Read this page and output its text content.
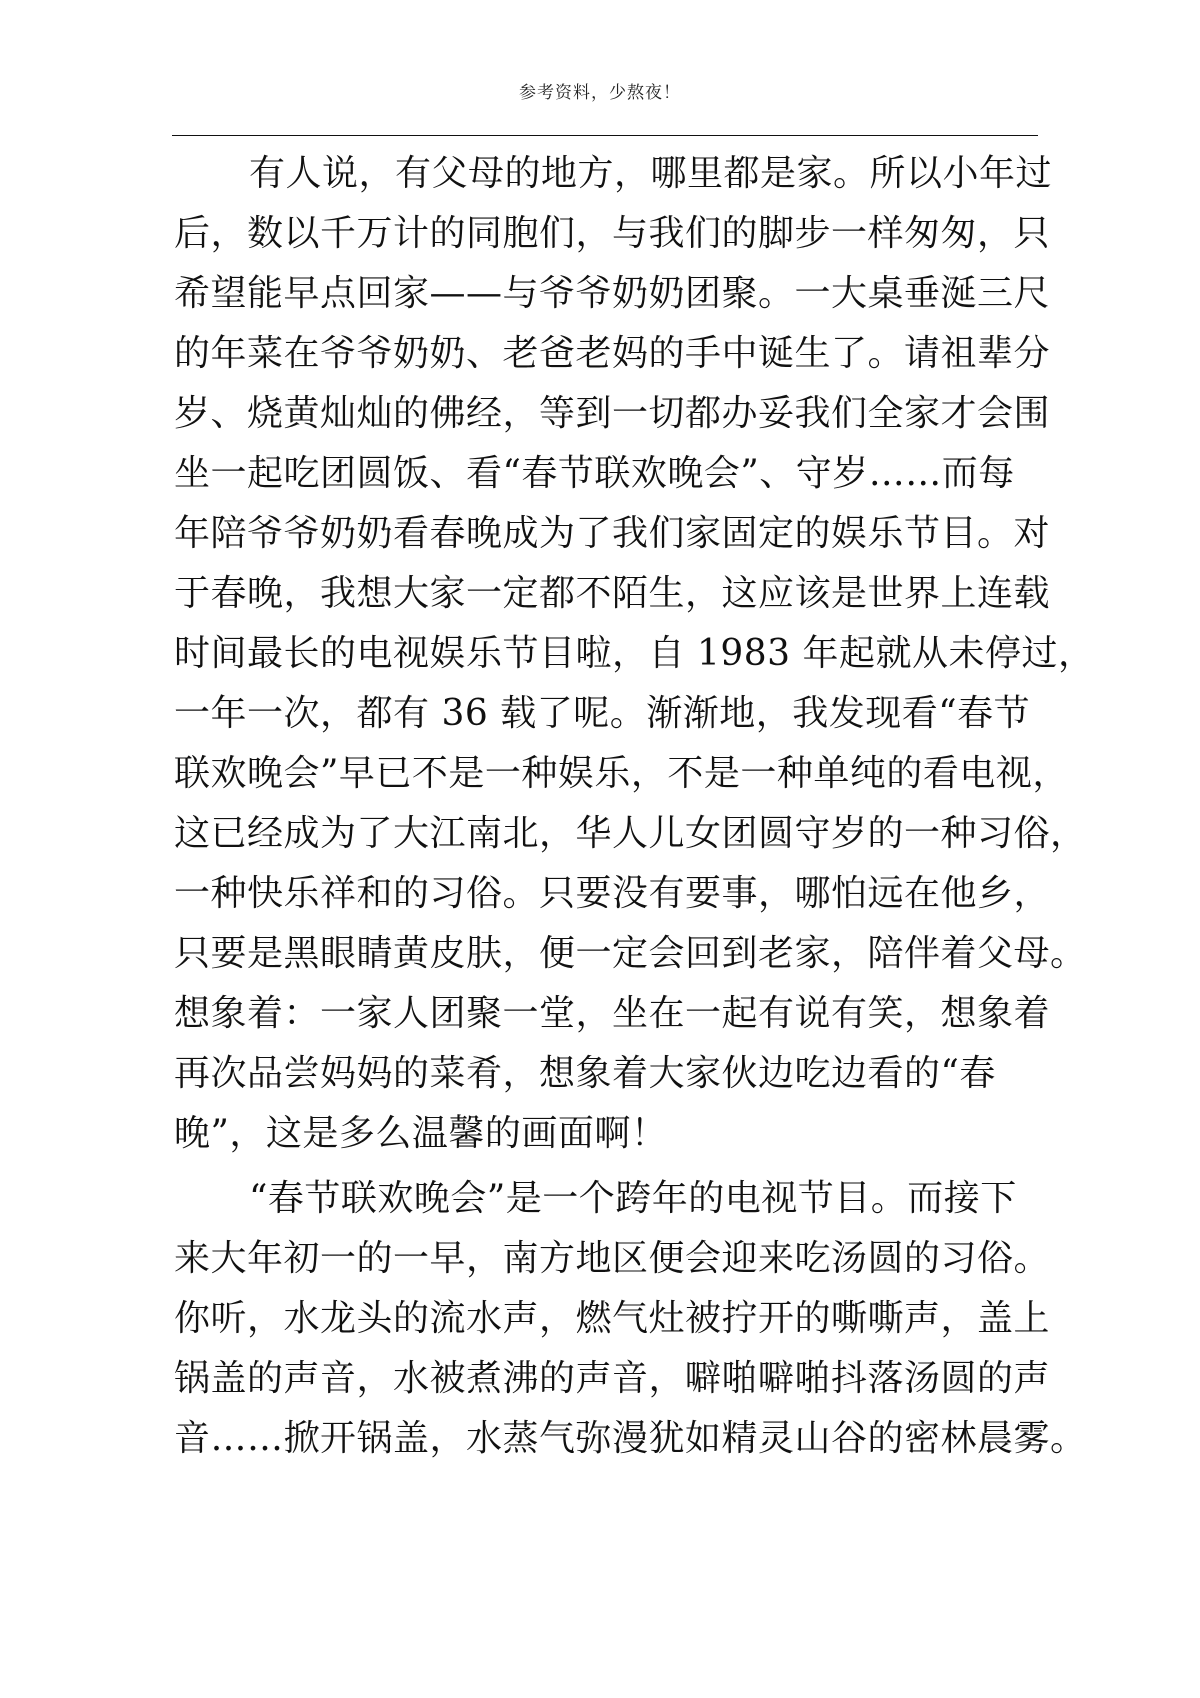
参考资料，少熬夜！
有人说，有父母的地方，哪里都是家。所以小年过
后，数以千万计的同胞们，与我们的脚步一样匆匆，只
希望能早点回家——与爷爷奶奶团聚。一大桌垂涎三尺
的年菜在爷爷奶奶、老爸老妈的手中诞生了。请祖辈分
岁、烧黄灿灿的佛经，等到一切都办妥我们全家才会围
坐一起吃团圆饭、看“春节联欢晚会”、守岁……而每
年陪爷爷奶奶看春晚成为了我们家固定的娱乐节目。对
于春晚，我想大家一定都不陌生，这应该是世界上连载
时间最长的电视娱乐节目啦，自 1983 年起就从未停过，
一年一次，都有 36 载了呢。渐渐地，我发现看“春节
联欢晚会”早已不是一种娱乐，不是一种单纯的看电视，
这已经成为了大江南北，华人儿女团圆守岁的一种习俗，
一种快乐祥和的习俗。只要没有要事，哪怕远在他乡，
只要是黑眼睛黄皮肤，便一定会回到老家，陪伴着父母。
想象着：一家人团聚一堂，坐在一起有说有笑，想象着
再次品尝妈妈的菜肴，想象着大家伙边吃边看的“春
晚”，这是多么温馨的画面啊！
“春节联欢晚会”是一个跨年的电视节目。而接下
来大年初一的一早，南方地区便会迎来吃汤圆的习俗。
你听，水龙头的流水声，燃气灶被拧开的嘶嘶声，盖上
锅盖的声音，水被煮沸的声音，噼啪噼啪抖落汤圆的声
音……掀开锅盖，水蒸气弥漫犹如精灵山谷的密林晨雾。
